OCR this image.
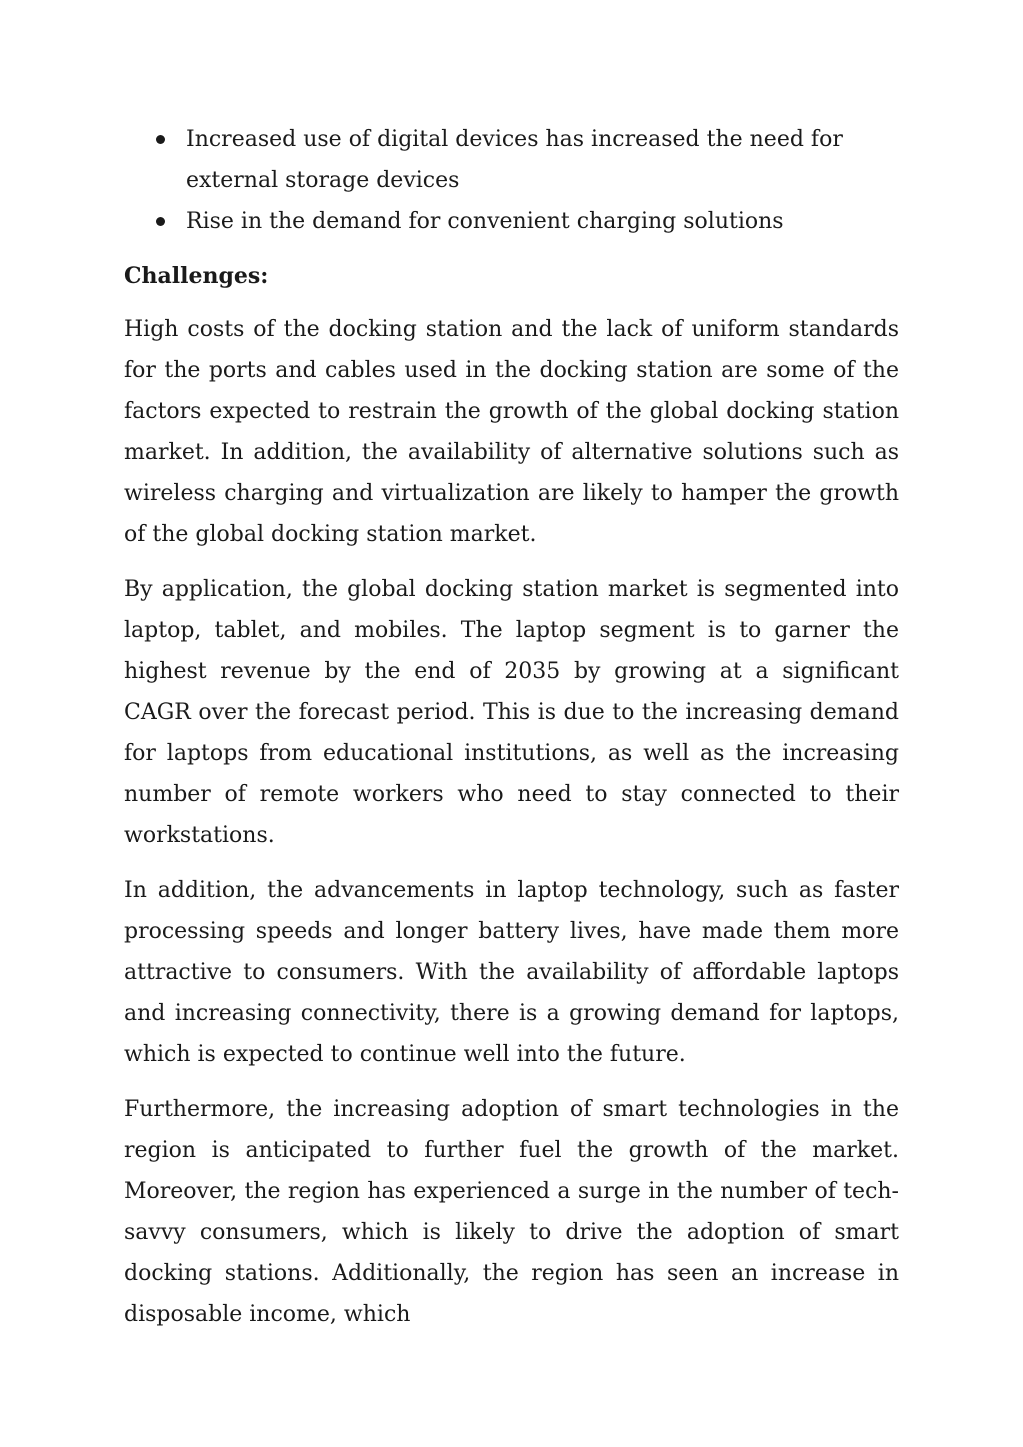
Increased use of digital devices has increased the need for external storage devices
Rise in the demand for convenient charging solutions
Challenges:

High costs of the docking station and the lack of uniform standards for the ports and cables used in the docking station are some of the factors expected to restrain the growth of the global docking station market. In addition, the availability of alternative solutions such as wireless charging and virtualization are likely to hamper the growth of the global docking station market.

By application, the global docking station market is segmented into laptop, tablet, and mobiles. The laptop segment is to garner the highest revenue by the end of 2035 by growing at a significant CAGR over the forecast period. This is due to the increasing demand for laptops from educational institutions, as well as the increasing number of remote workers who need to stay connected to their workstations.

In addition, the advancements in laptop technology, such as faster processing speeds and longer battery lives, have made them more attractive to consumers. With the availability of affordable laptops and increasing connectivity, there is a growing demand for laptops, which is expected to continue well into the future.

Furthermore, the increasing adoption of smart technologies in the region is anticipated to further fuel the growth of the market. Moreover, the region has experienced a surge in the number of tech-savvy consumers, which is likely to drive the adoption of smart docking stations. Additionally, the region has seen an increase in disposable income, which
